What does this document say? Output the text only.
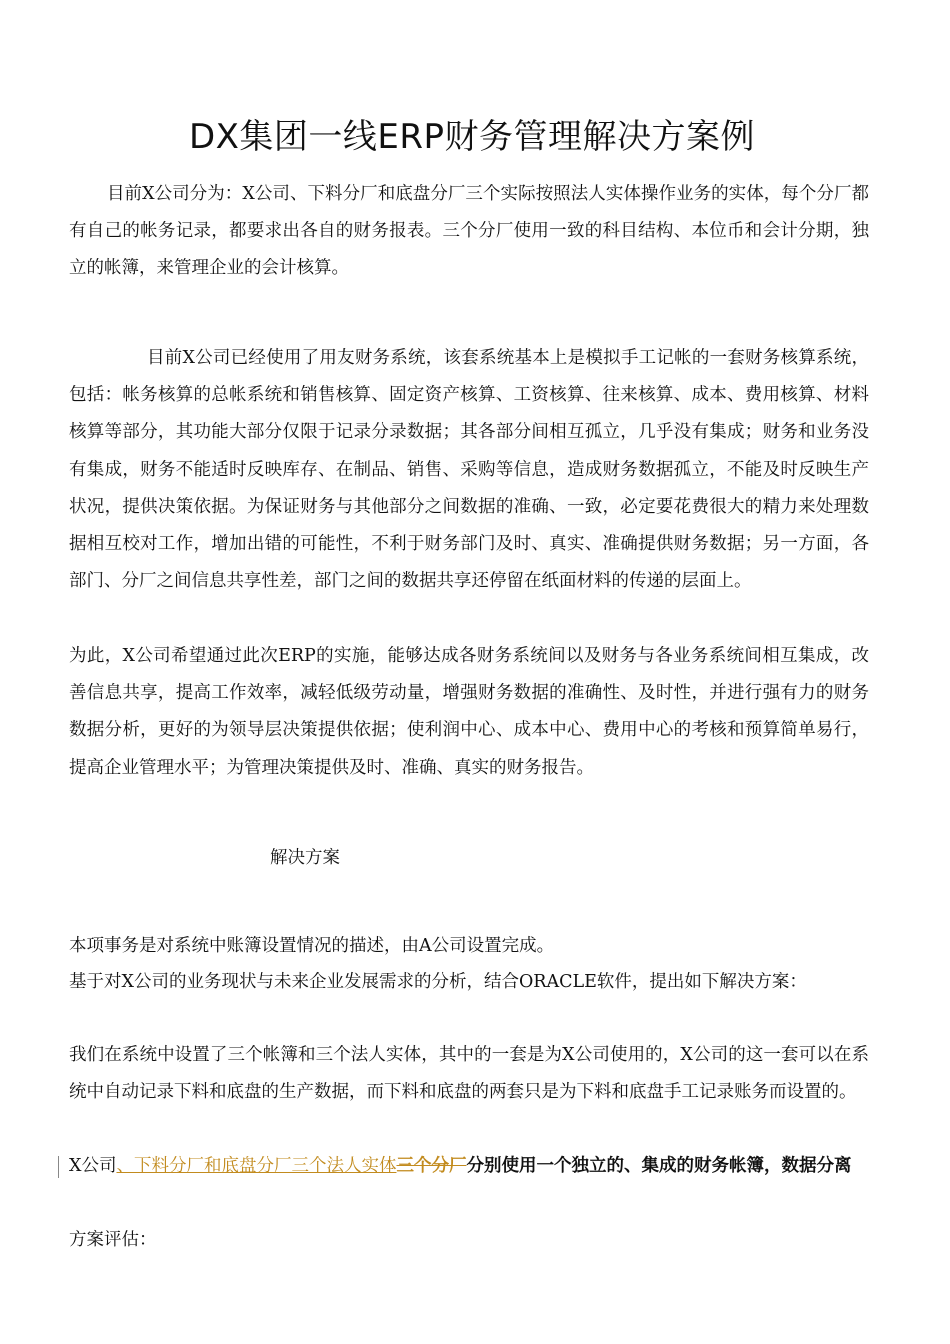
DX集团一线ERP财务管理解决方案例

目前X公司分为：X公司、下料分厂和底盘分厂三个实际按照法人实体操作业务的实体，每个分厂都有自己的帐务记录，都要求出各自的财务报表。三个分厂使用一致的科目结构、本位币和会计分期，独立的帐簿，来管理企业的会计核算。

目前X公司已经使用了用友财务系统，该套系统基本上是模拟手工记帐的一套财务核算系统，包括：帐务核算的总帐系统和销售核算、固定资产核算、工资核算、往来核算、成本、费用核算、材料核算等部分，其功能大部分仅限于记录分录数据；其各部分间相互孤立，几乎没有集成；财务和业务没有集成，财务不能适时反映库存、在制品、销售、采购等信息，造成财务数据孤立，不能及时反映生产状况，提供决策依据。为保证财务与其他部分之间数据的准确、一致，必定要花费很大的精力来处理数据相互校对工作，增加出错的可能性，不利于财务部门及时、真实、准确提供财务数据；另一方面，各部门、分厂之间信息共享性差，部门之间的数据共享还停留在纸面材料的传递的层面上。

为此，X公司希望通过此次ERP的实施，能够达成各财务系统间以及财务与各业务系统间相互集成，改善信息共享，提高工作效率，减轻低级劳动量，增强财务数据的准确性、及时性，并进行强有力的财务数据分析，更好的为领导层决策提供依据；使利润中心、成本中心、费用中心的考核和预算简单易行，提高企业管理水平；为管理决策提供及时、准确、真实的财务报告。

解决方案

本项事务是对系统中账簿设置情况的描述，由A公司设置完成。

基于对X公司的业务现状与未来企业发展需求的分析，结合ORACLE软件，提出如下解决方案：

我们在系统中设置了三个帐簿和三个法人实体，其中的一套是为X公司使用的，X公司的这一套可以在系统中自动记录下料和底盘的生产数据，而下料和底盘的两套只是为下料和底盘手工记录账务而设置的。

X公司、下料分厂和底盘分厂三个法人实体三个分厂分别使用一个独立的、集成的财务帐簿，数据分离

方案评估：
